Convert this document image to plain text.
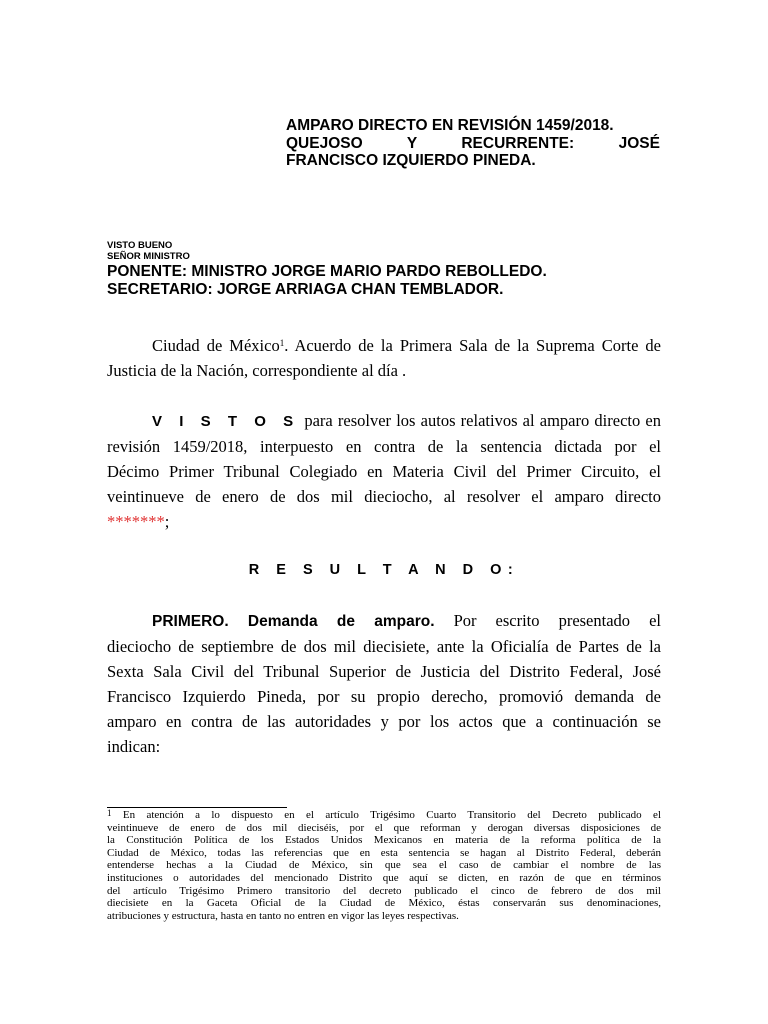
AMPARO DIRECTO EN REVISIÓN 1459/2018.
QUEJOSO Y RECURRENTE: JOSÉ
FRANCISCO IZQUIERDO PINEDA.
VISTO BUENO
SEÑOR MINISTRO
PONENTE: MINISTRO JORGE MARIO PARDO REBOLLEDO.
SECRETARIO: JORGE ARRIAGA CHAN TEMBLADOR.
Ciudad de México$^1$. Acuerdo de la Primera Sala de la Suprema Corte de
Justicia de la Nación, correspondiente al día .
V I S T O S para resolver los autos relativos al amparo directo en
revisión 1459/2018, interpuesto en contra de la sentencia dictada por el
Décimo Primer Tribunal Colegiado en Materia Civil del Primer Circuito, el
veintinueve de enero de dos mil dieciocho, al resolver el amparo directo
*******;
R E S U L T A N D O:
PRIMERO. Demanda de amparo. Por escrito presentado el
dieciocho de septiembre de dos mil diecisiete, ante la Oficialía de Partes de la
Sexta Sala Civil del Tribunal Superior de Justicia del Distrito Federal, José
Francisco Izquierdo Pineda, por su propio derecho, promovió demanda de
amparo en contra de las autoridades y por los actos que a continuación se
indican:
$^1$ En atención a lo dispuesto en el artículo Trigésimo Cuarto Transitorio del Decreto publicado el
veintinueve de enero de dos mil dieciséis, por el que reforman y derogan diversas disposiciones de
la Constitución Política de los Estados Unidos Mexicanos en materia de la reforma política de la
Ciudad de México, todas las referencias que en esta sentencia se hagan al Distrito Federal, deberán
entenderse hechas a la Ciudad de México, sin que sea el caso de cambiar el nombre de las
instituciones o autoridades del mencionado Distrito que aquí se dicten, en razón de que en términos
del artículo Trigésimo Primero transitorio del decreto publicado el cinco de febrero de dos mil
diecisiete en la Gaceta Oficial de la Ciudad de México, éstas conservarán sus denominaciones,
atribuciones y estructura, hasta en tanto no entren en vigor las leyes respectivas.
